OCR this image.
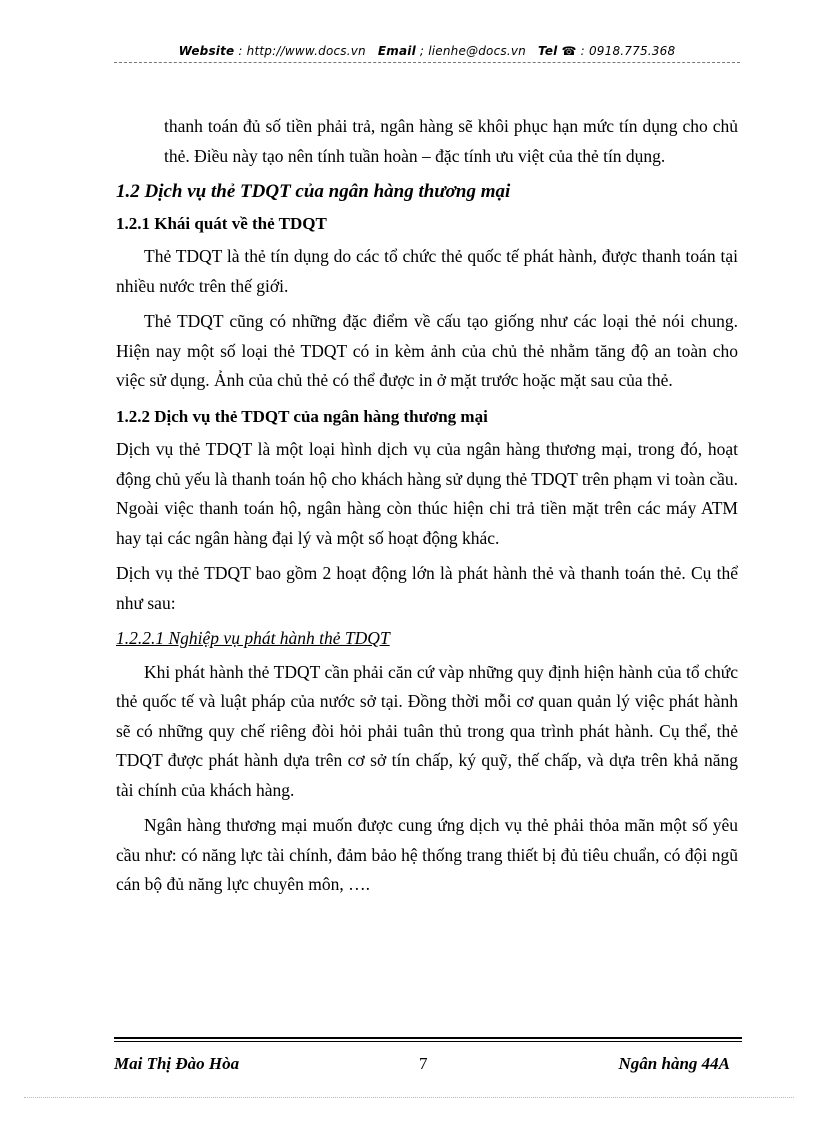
Website : http://www.docs.vn Email ; lienhe@docs.vn Tel ☎ : 0918.775.368

thanh toán đủ số tiền phải trả, ngân hàng sẽ khôi phục hạn mức tín dụng cho chủ thẻ. Điều này tạo nên tính tuần hoàn – đặc tính ưu việt của thẻ tín dụng.

1.2 Dịch vụ thẻ TDQT của ngân hàng thương mại

1.2.1 Khái quát về thẻ TDQT

Thẻ TDQT là thẻ tín dụng do các tổ chức thẻ quốc tế phát hành, được thanh toán tại nhiều nước trên thế giới.

Thẻ TDQT cũng có những đặc điểm về cấu tạo giống như các loại thẻ nói chung. Hiện nay một số loại thẻ TDQT có in kèm ảnh của chủ thẻ nhằm tăng độ an toàn cho việc sử dụng. Ảnh của chủ thẻ có thể được in ở mặt trước hoặc mặt sau của thẻ.

1.2.2 Dịch vụ thẻ TDQT của ngân hàng thương mại

Dịch vụ thẻ TDQT là một loại hình dịch vụ của ngân hàng thương mại, trong đó, hoạt động chủ yếu là thanh toán hộ cho khách hàng sử dụng thẻ TDQT trên phạm vi toàn cầu. Ngoài việc thanh toán hộ, ngân hàng còn thúc hiện chi trả tiền mặt trên các máy ATM hay tại các ngân hàng đại lý và một số hoạt động khác.

Dịch vụ thẻ TDQT bao gồm 2 hoạt động lớn là phát hành thẻ và thanh toán thẻ. Cụ thể như sau:

1.2.2.1 Nghiệp vụ phát hành thẻ TDQT

Khi phát hành thẻ TDQT cần phải căn cứ vàp những quy định hiện hành của tổ chức thẻ quốc tế và luật pháp của nước sở tại. Đồng thời mỗi cơ quan quản lý việc phát hành sẽ có những quy chế riêng đòi hỏi phải tuân thủ trong qua trình phát hành. Cụ thể, thẻ TDQT được phát hành dựa trên cơ sở tín chấp, ký quỹ, thế chấp, và dựa trên khả năng tài chính của khách hàng.

Ngân hàng thương mại muốn được cung ứng dịch vụ thẻ phải thỏa mãn một số yêu cầu như: có năng lực tài chính, đảm bảo hệ thống trang thiết bị đủ tiêu chuẩn, có đội ngũ cán bộ đủ năng lực chuyên môn, ….

Mai Thị Đào Hòa	7	Ngân hàng 44A
